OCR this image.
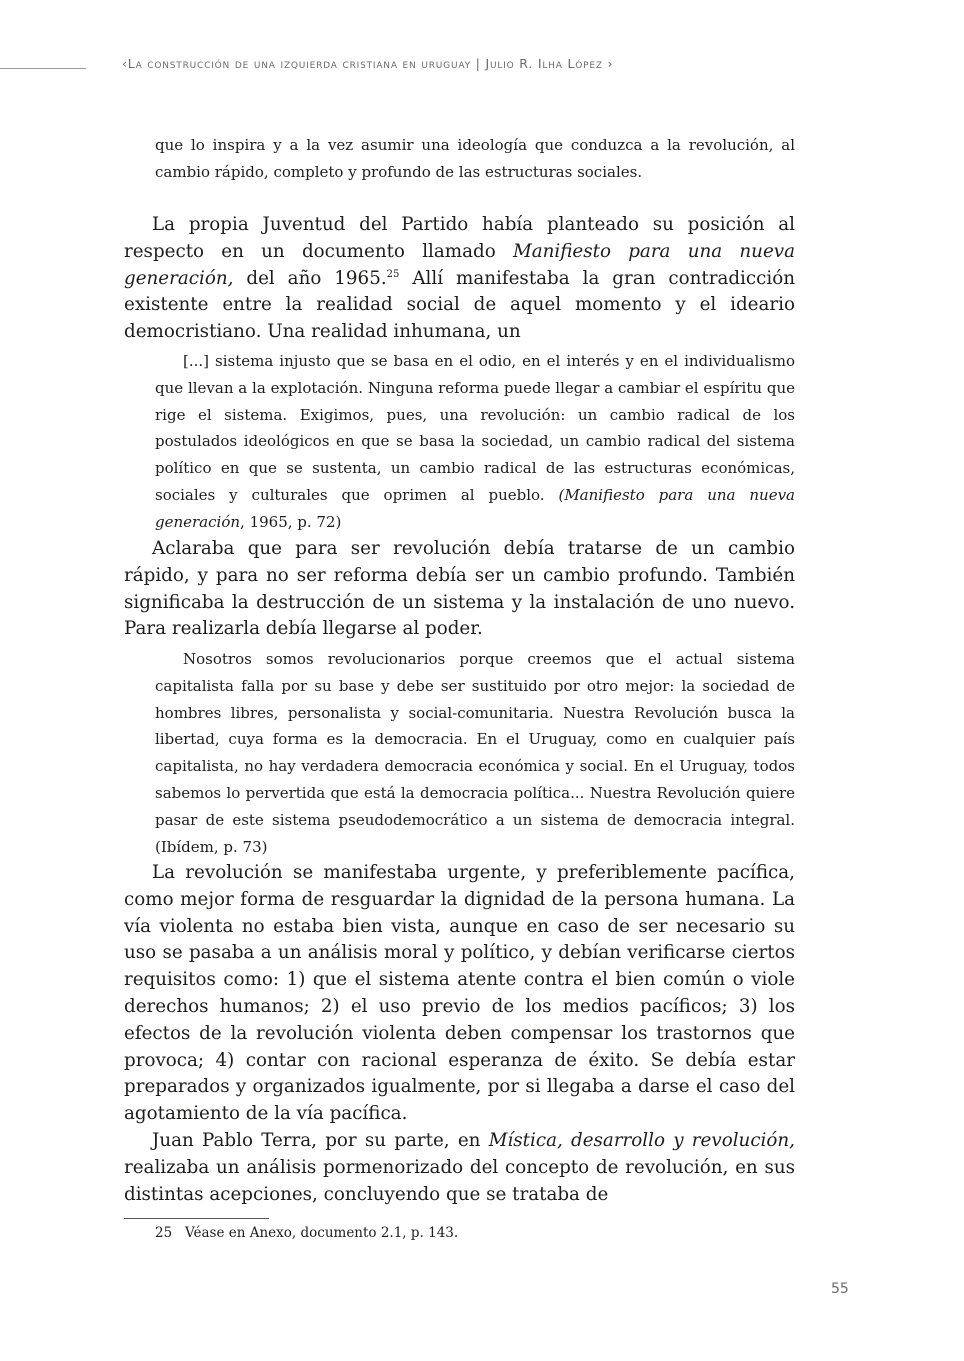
‹La construcción de una izquierda cristiana en uruguay | Julio R. Ilha López ›

que lo inspira y a la vez asumir una ideología que conduzca a la revolución, al cambio rápido, completo y profundo de las estructuras sociales.

La propia Juventud del Partido había planteado su posición al respecto en un documento llamado Manifiesto para una nueva generación, del año 1965.25 Allí manifestaba la gran contradicción existente entre la realidad social de aquel momento y el ideario democristiano. Una realidad inhumana, un

[...] sistema injusto que se basa en el odio, en el interés y en el individualismo que llevan a la explotación. Ninguna reforma puede llegar a cambiar el espíritu que rige el sistema. Exigimos, pues, una revolución: un cambio radical de los postulados ideológicos en que se basa la sociedad, un cambio radical del sistema político en que se sustenta, un cambio radical de las estructuras económicas, sociales y culturales que oprimen al pueblo. (Manifiesto para una nueva generación, 1965, p. 72)

Aclaraba que para ser revolución debía tratarse de un cambio rápido, y para no ser reforma debía ser un cambio profundo. También significaba la destrucción de un sistema y la instalación de uno nuevo. Para realizarla debía llegarse al poder.

Nosotros somos revolucionarios porque creemos que el actual sistema capitalista falla por su base y debe ser sustituido por otro mejor: la sociedad de hombres libres, personalista y social-comunitaria. Nuestra Revolución busca la libertad, cuya forma es la democracia. En el Uruguay, como en cualquier país capitalista, no hay verdadera democracia económica y social. En el Uruguay, todos sabemos lo pervertida que está la democracia política... Nuestra Revolución quiere pasar de este sistema pseudodemocrático a un sistema de democracia integral. (Ibídem, p. 73)

La revolución se manifestaba urgente, y preferiblemente pacífica, como mejor forma de resguardar la dignidad de la persona humana. La vía violenta no estaba bien vista, aunque en caso de ser necesario su uso se pasaba a un análisis moral y político, y debían verificarse ciertos requisitos como: 1) que el sistema atente contra el bien común o viole derechos humanos; 2) el uso previo de los medios pacíficos; 3) los efectos de la revolución violenta deben compensar los trastornos que provoca; 4) contar con racional esperanza de éxito. Se debía estar preparados y organizados igualmente, por si llegaba a darse el caso del agotamiento de la vía pacífica.

Juan Pablo Terra, por su parte, en Mística, desarrollo y revolución, realizaba un análisis pormenorizado del concepto de revolución, en sus distintas acepciones, concluyendo que se trataba de

25 Véase en Anexo, documento 2.1, p. 143.
55
